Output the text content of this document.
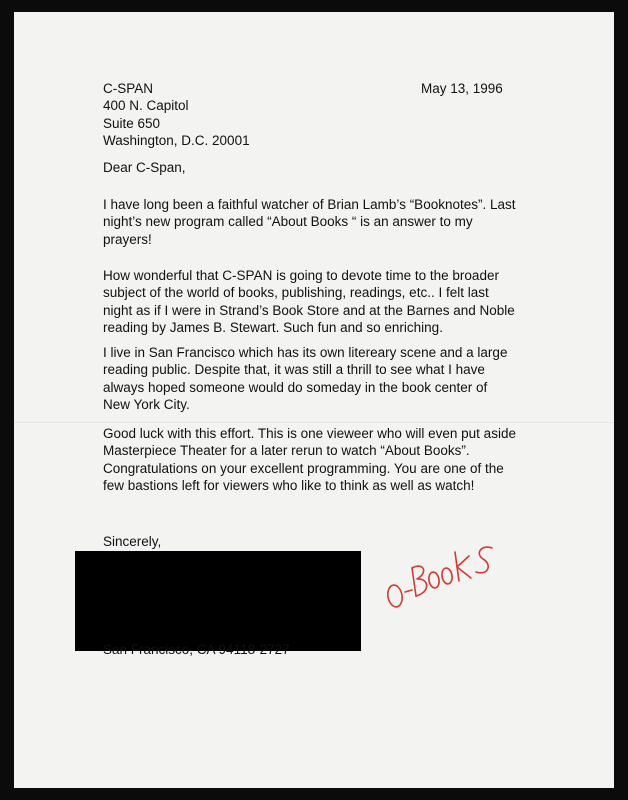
C-SPAN
400 N. Capitol
Suite 650
Washington, D.C. 20001
May 13, 1996
Dear C-Span,
I have long been a faithful watcher of Brian Lamb’s “Booknotes”. Last
night’s new program called “About Books “ is an answer to my
prayers!
How wonderful that C-SPAN is going to devote time to the broader
subject of the world of books, publishing, readings, etc.. I felt last
night as if I were in Strand’s Book Store and at the Barnes and Noble
reading by James B. Stewart. Such fun and so enriching.
I live in San Francisco which has its own litereary scene and a large
reading public. Despite that, it was still a thrill to see what I have
always hoped someone would do someday in the book center of
New York City.
Good luck with this effort. This is one vieweer who will even put aside
Masterpiece Theater for a later rerun to watch “About Books”.
Congratulations on your excellent programming. You are one of the
few bastions left for viewers who like to think as well as watch!
Sincerely,
San Francisco, CA 94118-2727
